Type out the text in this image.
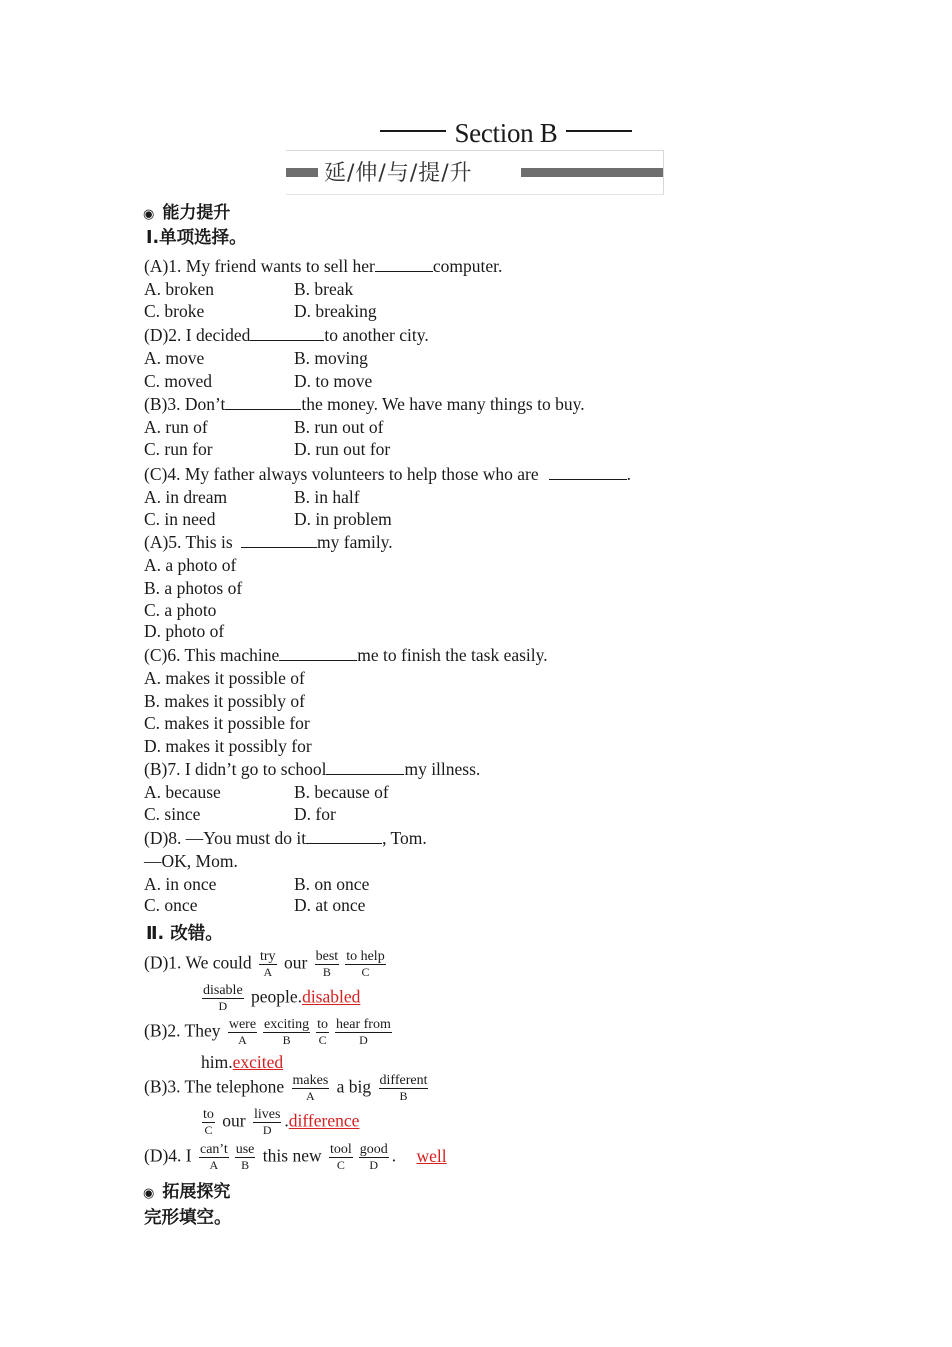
Section B
延/伸/与/提/升
◉ 能力提升
Ⅰ.单项选择。
(A)1. My friend wants to sell her	computer.
A. broken	B. break
C. broke	D. breaking
(D)2. I decided	to another city.
A. move	B. moving
C. moved	D. to move
(B)3. Don’t	the money. We have many things to buy.
A. run of	B. run out of
C. run for	D. run out for
(C)4. My father always volunteers to help those who are	.
A. in dream	B. in half
C. in need	D. in problem
(A)5. This is	my family.
A. a photo of
B. a photos of
C. a photo
D. photo of
(C)6. This machine	me to finish the task easily.
A. makes it possible of
B. makes it possibly of
C. makes it possible for
D. makes it possibly for
(B)7. I didn’t go to school	my illness.
A. because	B. because of
C. since	D. for
(D)8. —You must do it	, Tom.
—OK, Mom.
A. in once	B. on once
C. once	D. at once
Ⅱ. 改错。
(D)1. We could $\frac{\text{try}}{A}$ our $\frac{\text{best}}{B} \frac{\text{to help}}{C}$
$\frac{\text{disable}}{D}$ people.disabled
(B)2. They $\frac{\text{were}}{A} \frac{\text{exciting}}{B} \frac{to}{C} \frac{\text{hear from}}{D}$
him.excited
(B)3. The telephone $\frac{\text{makes}}{A}$ a big $\frac{\text{different}}{B}$
$\frac{to}{C}$ our $\frac{\text{lives}}{D}$ .difference
(D)4. I $\frac{\text{can’t}}{A} \frac{\text{use}}{B}$ this new $\frac{\text{tool}}{C} \frac{\text{good}}{D}$ . well
◉ 拓展探究
完形填空。
